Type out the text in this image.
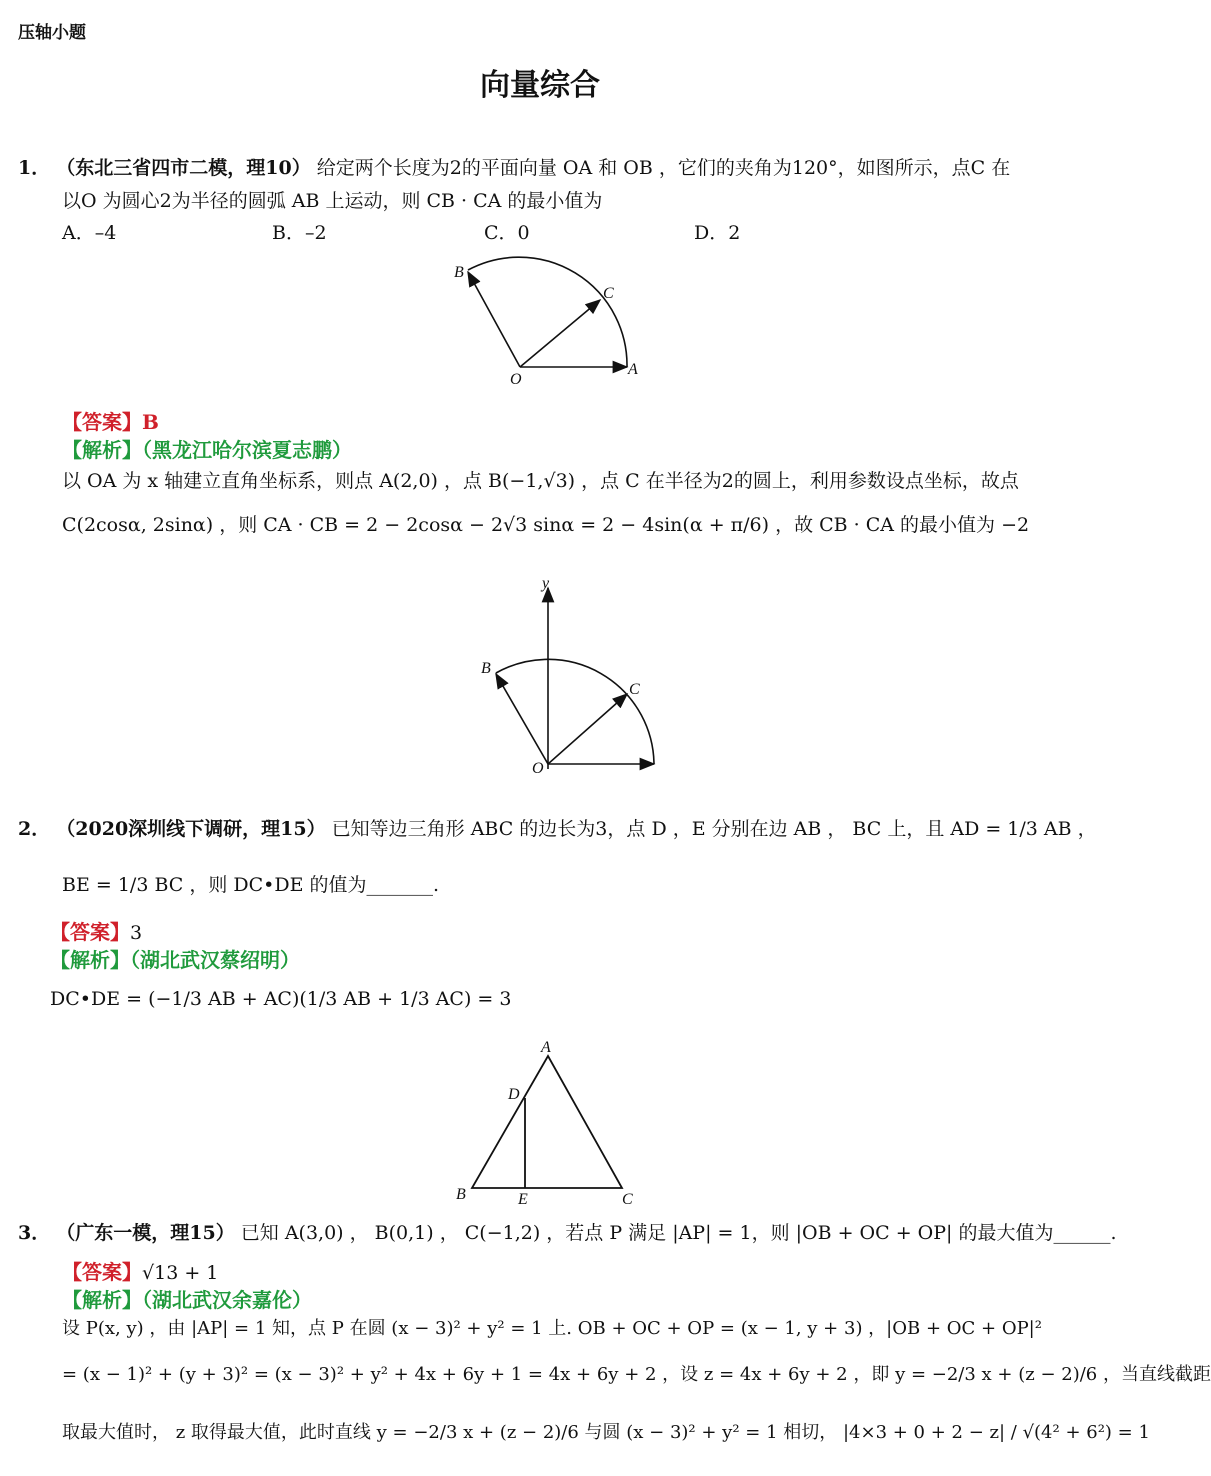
压轴小题
向量综合
1． （东北三省四市二模，理10） 给定两个长度为2的平面向量 OA 和 OB ，它们的夹角为120°，如图所示，点C 在
以O 为圆心2为半径的圆弧 AB 上运动，则 CB · CA 的最小值为
A．–4	B．–2	C．0	D．2
B
C
O
A
【答案】B
【解析】（黑龙江哈尔滨夏志鹏）
以 OA 为 x 轴建立直角坐标系，则点 A(2,0) ，点 B(−1,√3) ，点 C 在半径为2的圆上，利用参数设点坐标，故点
C(2cosα, 2sinα) ，则 CA · CB = 2 − 2cosα − 2√3 sinα = 2 − 4sin(α + π/6) ，故 CB · CA 的最小值为 −2
y
B
C
O
2． （2020深圳线下调研，理15） 已知等边三角形 ABC 的边长为3，点 D ，E 分别在边 AB ， BC 上，且 AD = 1/3 AB ，
BE = 1/3 BC ，则 DC•DE 的值为_______.
【答案】3
【解析】（湖北武汉蔡绍明）
DC•DE = (−1/3 AB + AC)(1/3 AB + 1/3 AC) = 3
A
B	C
D
E
3． （广东一模，理15） 已知 A(3,0) ， B(0,1) ， C(−1,2) ，若点 P 满足 |AP| = 1，则 |OB + OC + OP| 的最大值为______.
【答案】√13 + 1
【解析】（湖北武汉余嘉伦）
设 P(x, y) ，由 |AP| = 1 知，点 P 在圆 (x − 3)² + y² = 1 上. OB + OC + OP = (x − 1, y + 3) ，|OB + OC + OP|²
= (x − 1)² + (y + 3)² = (x − 3)² + y² + 4x + 6y + 1 = 4x + 6y + 2 ，设 z = 4x + 6y + 2 ，即 y = −2/3 x + (z − 2)/6 ，当直线截距
取最大值时， z 取得最大值，此时直线 y = −2/3 x + (z − 2)/6 与圆 (x − 3)² + y² = 1 相切， |4×3 + 0 + 2 − z| / √(4² + 6²) = 1
